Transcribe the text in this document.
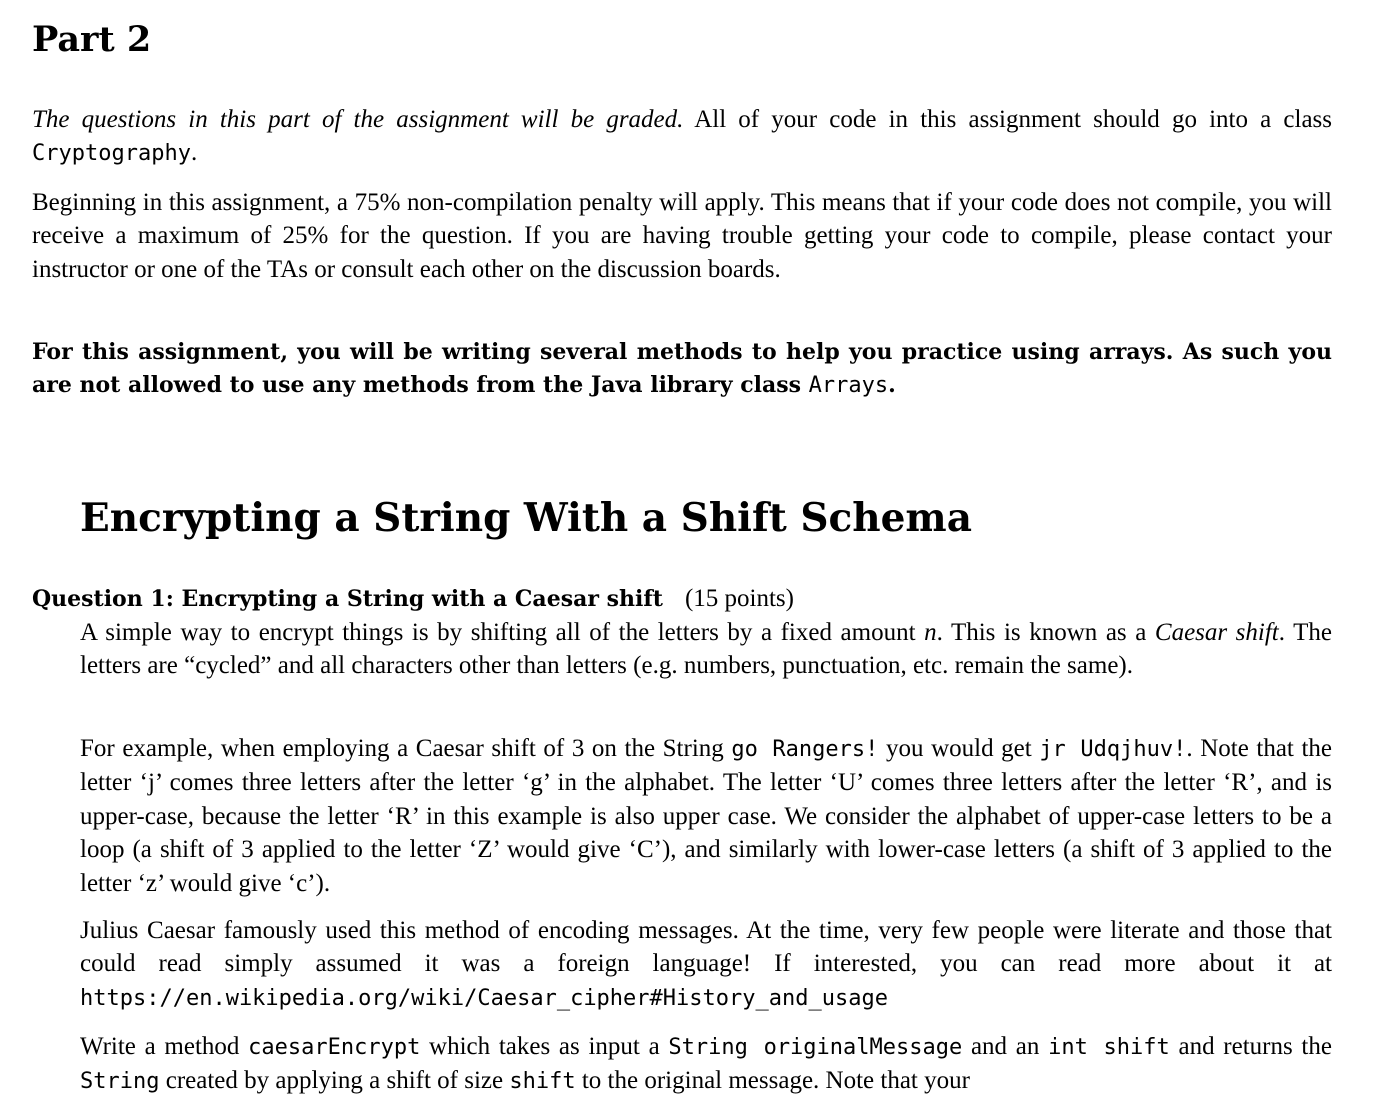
Part 2

The questions in this part of the assignment will be graded. All of your code in this assignment should go into a class Cryptography.

Beginning in this assignment, a 75% non-compilation penalty will apply. This means that if your code does not compile, you will receive a maximum of 25% for the question. If you are having trouble getting your code to compile, please contact your instructor or one of the TAs or consult each other on the discussion boards.

For this assignment, you will be writing several methods to help you practice using arrays. As such you are not allowed to use any methods from the Java library class Arrays.

Encrypting a String With a Shift Schema
Question 1: Encrypting a String with a Caesar shift (15 points)

A simple way to encrypt things is by shifting all of the letters by a fixed amount n. This is known as a Caesar shift. The letters are “cycled” and all characters other than letters (e.g. numbers, punctuation, etc. remain the same).

For example, when employing a Caesar shift of 3 on the String go Rangers! you would get jr Udqjhuv!. Note that the letter ‘j’ comes three letters after the letter ‘g’ in the alphabet. The letter ‘U’ comes three letters after the letter ‘R’, and is upper-case, because the letter ‘R’ in this example is also upper case. We consider the alphabet of upper-case letters to be a loop (a shift of 3 applied to the letter ‘Z’ would give ‘C’), and similarly with lower-case letters (a shift of 3 applied to the letter ‘z’ would give ‘c’).

Julius Caesar famously used this method of encoding messages. At the time, very few people were literate and those that could read simply assumed it was a foreign language! If interested, you can read more about it at https://en.wikipedia.org/wiki/Caesar_cipher#History_and_usage

Write a method caesarEncrypt which takes as input a String originalMessage and an int shift and returns the String created by applying a shift of size shift to the original message. Note that your
